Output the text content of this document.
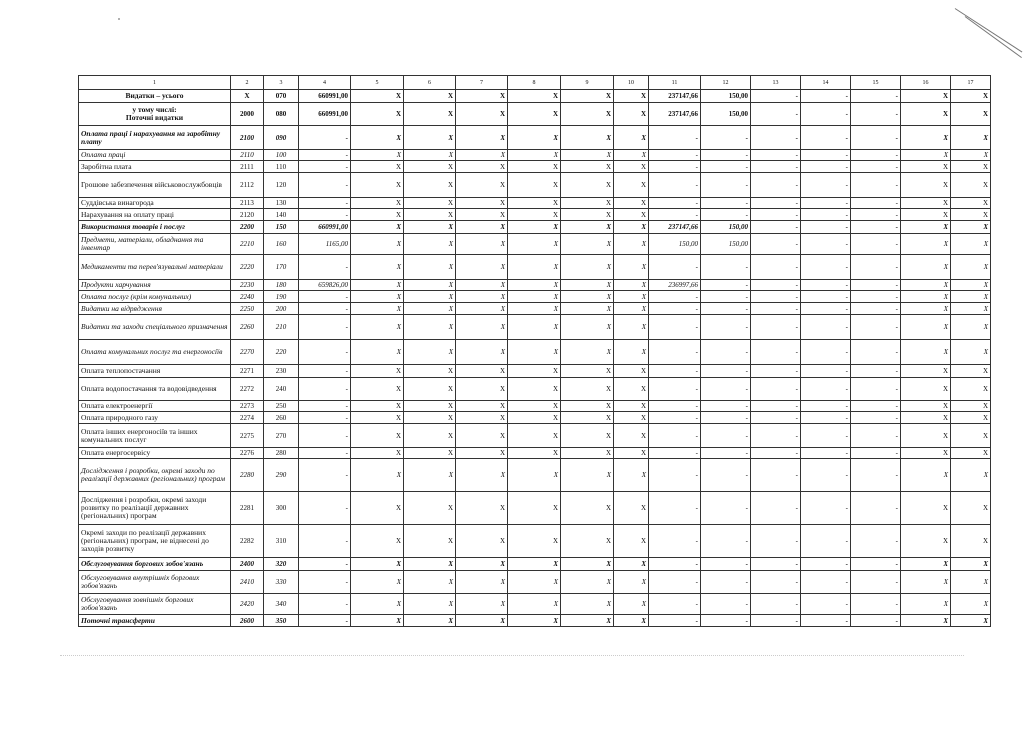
1	2	3	4	5	6	7	8	9	10	11	12	13	14	15	16	17
Видатки – усього	X	070	660991,00	X	X	X	X	X	X	237147,66	150,00	-	-	-	X	X
у тому числі:
Поточні видатки	2000	080	660991,00	X	X	X	X	X	X	237147,66	150,00	-	-	-	X	X
Оплата праці і нарахування на заробітну плату	2100	090	-	X	X	X	X	X	X	-	-	-	-	-	X	X
Оплата праці	2110	100	-	X	X	X	X	X	X	-	-	-	-	-	X	X
Заробітна плата	2111	110	-	X	X	X	X	X	X	-	-	-	-	-	X	X
Грошове забезпечення військовослужбовців	2112	120	-	X	X	X	X	X	X	-	-	-	-	-	X	X
Суддівська винагорода	2113	130	-	X	X	X	X	X	X	-	-	-	-	-	X	X
Нарахування на оплату праці	2120	140	-	X	X	X	X	X	X	-	-	-	-	-	X	X
Використання товарів і послуг	2200	150	660991,00	X	X	X	X	X	X	237147,66	150,00	-	-	-	X	X
Предмети, матеріали, обладнання та інвентар	2210	160	1165,00	X	X	X	X	X	X	150,00	150,00	-	-	-	X	X
Медикаменти та перев'язувальні матеріали	2220	170	-	X	X	X	X	X	X	-	-	-	-	-	X	X
Продукти харчування	2230	180	659826,00	X	X	X	X	X	X	236997,66	-	-	-	-	X	X
Оплата послуг (крім комунальних)	2240	190	-	X	X	X	X	X	X	-	-	-	-	-	X	X
Видатки на відрядження	2250	200	-	X	X	X	X	X	X	-	-	-	-	-	X	X
Видатки та заходи спеціального призначення	2260	210	-	X	X	X	X	X	X	-	-	-	-	-	X	X
Оплата комунальних послуг та енергоносіїв	2270	220	-	X	X	X	X	X	X	-	-	-	-	-	X	X
Оплата теплопостачання	2271	230	-	X	X	X	X	X	X	-	-	-	-	-	X	X
Оплата водопостачання та водовідведення	2272	240	-	X	X	X	X	X	X	-	-	-	-	-	X	X
Оплата електроенергії	2273	250	-	X	X	X	X	X	X	-	-	-	-	-	X	X
Оплата природного газу	2274	260	-	X	X	X	X	X	X	-	-	-	-	-	X	X
Оплата інших енергоносіїв та інших комунальних послуг	2275	270	-	X	X	X	X	X	X	-	-	-	-	-	X	X
Оплата енергосервісу	2276	280	-	X	X	X	X	X	X	-	-	-	-	-	X	X
Дослідження і розробки, окремі заходи по реалізації державних (регіональних) програм	2280	290	-	X	X	X	X	X	X	-	-	-	-	-	X	X
Дослідження і розробки, окремі заходи розвитку по реалізації державних (регіональних) програм	2281	300	-	X	X	X	X	X	X	-	-	-	-	-	X	X
Окремі заходи по реалізації державних (регіональних) програм, не віднесені до заходів розвитку	2282	310	-	X	X	X	X	X	X	-	-	-	-	-	X	X
Обслуговування боргових зобов'язань	2400	320	-	X	X	X	X	X	X	-	-	-	-	-	X	X
Обслуговування внутрішніх боргових зобов'язань	2410	330	-	X	X	X	X	X	X	-	-	-	-	-	X	X
Обслуговування зовнішніх боргових зобов'язань	2420	340	-	X	X	X	X	X	X	-	-	-	-	-	X	X
Поточні трансферти	2600	350	-	X	X	X	X	X	X	-	-	-	-	-	X	X
